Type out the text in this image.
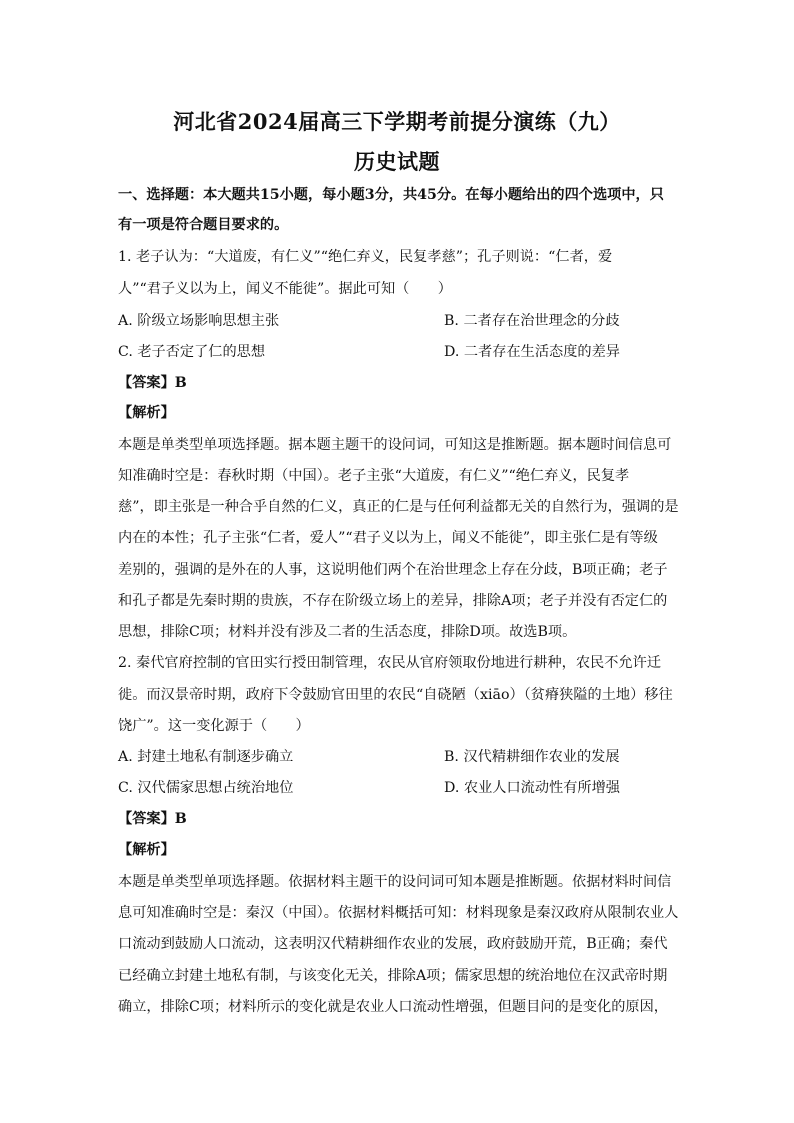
河北省2024届高三下学期考前提分演练（九）
历史试题
一、选择题：本大题共15小题，每小题3分，共45分。在每小题给出的四个选项中，只
有一项是符合题目要求的。
1. 老子认为：“大道废，有仁义”“绝仁弃义，民复孝慈”；孔子则说：“仁者，爱
人”“君子义以为上，闻义不能徙”。据此可知（　　）
A. 阶级立场影响思想主张	B. 二者存在治世理念的分歧
C. 老子否定了仁的思想	D. 二者存在生活态度的差异
【答案】B
【解析】
本题是单类型单项选择题。据本题主题干的设问词，可知这是推断题。据本题时间信息可
知准确时空是：春秋时期（中国）。老子主张“大道废，有仁义”“绝仁弃义，民复孝
慈”，即主张是一种合乎自然的仁义，真正的仁是与任何利益都无关的自然行为，强调的是
内在的本性；孔子主张“仁者，爱人”“君子义以为上，闻义不能徙”，即主张仁是有等级
差别的，强调的是外在的人事，这说明他们两个在治世理念上存在分歧，B项正确；老子
和孔子都是先秦时期的贵族，不存在阶级立场上的差异，排除A项；老子并没有否定仁的
思想，排除C项；材料并没有涉及二者的生活态度，排除D项。故选B项。
2. 秦代官府控制的官田实行授田制管理，农民从官府领取份地进行耕种，农民不允许迁
徙。而汉景帝时期，政府下令鼓励官田里的农民“自硗陋（xiāo）（贫瘠狭隘的土地）移往
饶广”。这一变化源于（　　）
A. 封建土地私有制逐步确立	B. 汉代精耕细作农业的发展
C. 汉代儒家思想占统治地位	D. 农业人口流动性有所增强
【答案】B
【解析】
本题是单类型单项选择题。依据材料主题干的设问词可知本题是推断题。依据材料时间信
息可知准确时空是：秦汉（中国）。依据材料概括可知：材料现象是秦汉政府从限制农业人
口流动到鼓励人口流动，这表明汉代精耕细作农业的发展，政府鼓励开荒，B正确；秦代
已经确立封建土地私有制，与该变化无关，排除A项；儒家思想的统治地位在汉武帝时期
确立，排除C项；材料所示的变化就是农业人口流动性增强，但题目问的是变化的原因，
